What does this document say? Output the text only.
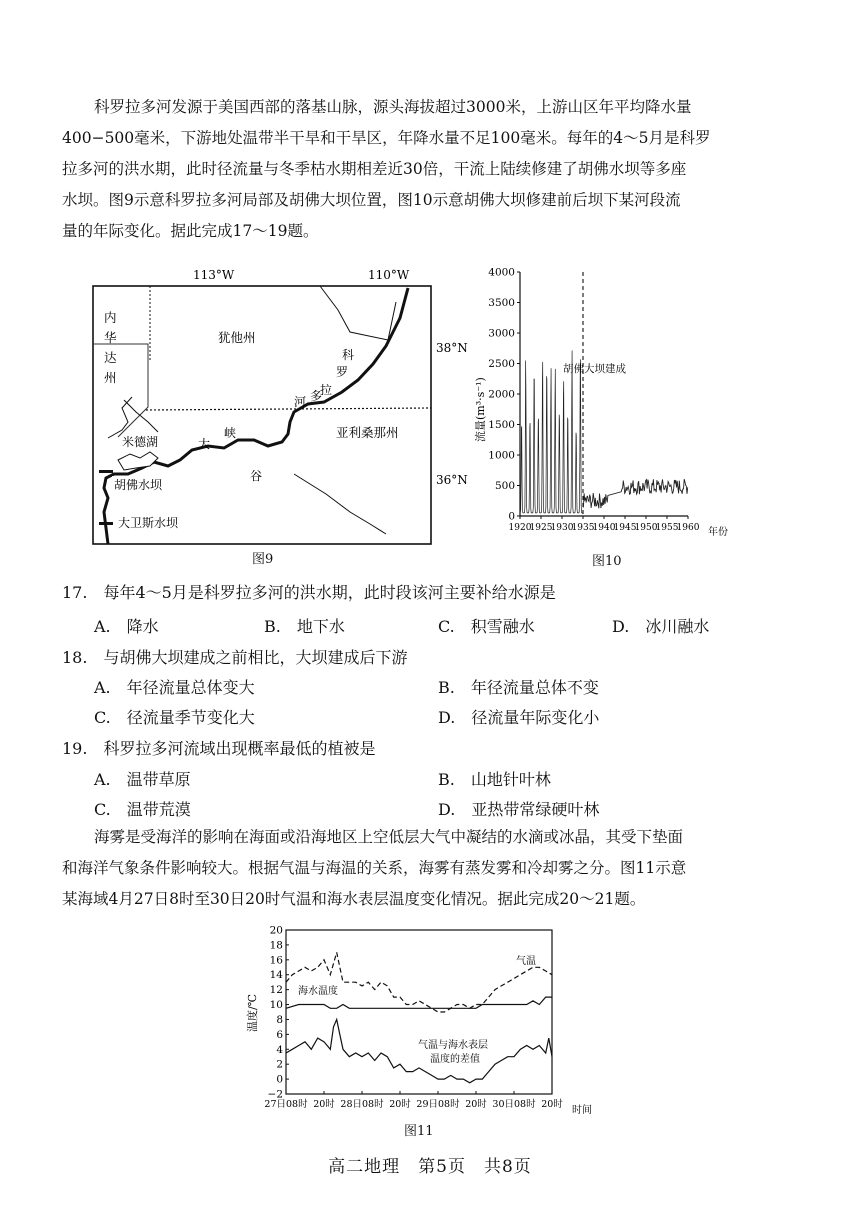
科罗拉多河发源于美国西部的落基山脉，源头海拔超过3000米，上游山区年平均降水量
400−500毫米，下游地处温带半干旱和干旱区，年降水量不足100毫米。每年的4～5月是科罗
拉多河的洪水期，此时径流量与冬季枯水期相差近30倍，干流上陆续修建了胡佛水坝等多座
水坝。图9示意科罗拉多河局部及胡佛大坝位置，图10示意胡佛大坝修建前后坝下某河段流
量的年际变化。据此完成17～19题。
113°W	110°W
38°N
36°N
内
华
达
州
犹他州
亚利桑那州
米德湖
胡佛水坝
大卫斯水坝
科
罗
拉
多
河
大
峡
谷
图9
0
500
1000
1500
2000
2500
3000
3500
4000
1920
1925
1930
1935
1940
1945
1950
1955
1960
流量(m³·s⁻¹)
胡佛大坝建成
年份
图10
17.　每年4～5月是科罗拉多河的洪水期，此时段该河主要补给水源是
A.　降水	B.　地下水	C.　积雪融水	D.　冰川融水
18.　与胡佛大坝建成之前相比，大坝建成后下游
A.　年径流量总体变大	B.　年径流量总体不变
C.　径流量季节变化大	D.　径流量年际变化小
19.　科罗拉多河流域出现概率最低的植被是
A.　温带草原	B.　山地针叶林
C.　温带荒漠	D.　亚热带常绿硬叶林
海雾是受海洋的影响在海面或沿海地区上空低层大气中凝结的水滴或冰晶，其受下垫面
和海洋气象条件影响较大。根据气温与海温的关系，海雾有蒸发雾和冷却雾之分。图11示意
某海域4月27日8时至30日20时气温和海水表层温度变化情况。据此完成20～21题。
−2
0
2
4
6
8
10
12
14
16
18
20
27日08时 20时 28日08时 20时 29日08时 20时 30日08时 20时
温度/℃
气温
海水温度
气温与海水表层
温度的差值
时间
图11
高二地理　第5页　共8页
